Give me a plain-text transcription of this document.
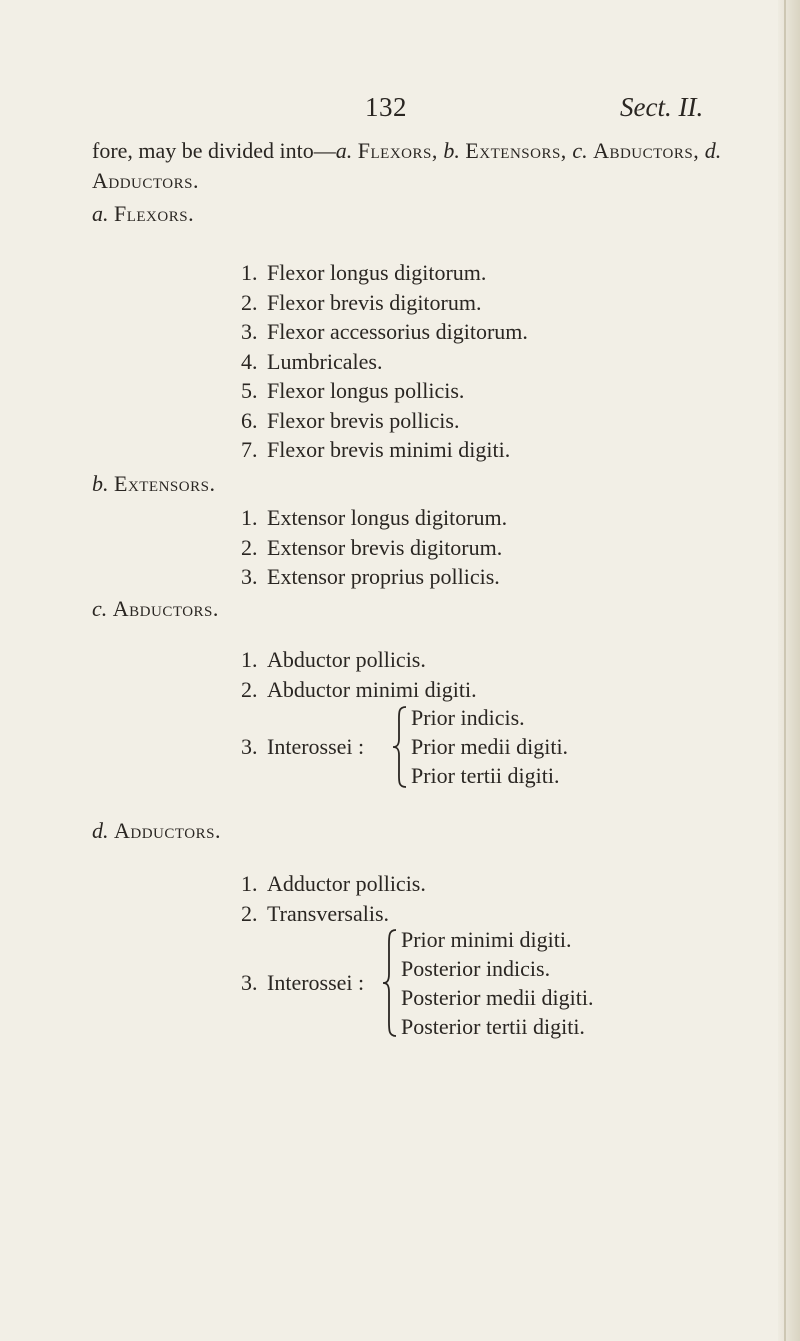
132	Sect. II.
fore, may be divided into—a. Flexors, b. Extensors, c. Abductors, d. Adductors.
a. Flexors.
1. Flexor longus digitorum.
2. Flexor brevis digitorum.
3. Flexor accessorius digitorum.
4. Lumbricales.
5. Flexor longus pollicis.
6. Flexor brevis pollicis.
7. Flexor brevis minimi digiti.
b. Extensors.
1. Extensor longus digitorum.
2. Extensor brevis digitorum.
3. Extensor proprius pollicis.
c. Abductors.
1. Abductor pollicis.
2. Abductor minimi digiti.
3. Interossei :
Prior indicis.
Prior medii digiti.
Prior tertii digiti.
d. Adductors.
1. Adductor pollicis.
2. Transversalis.
3. Interossei :
Prior minimi digiti.
Posterior indicis.
Posterior medii digiti.
Posterior tertii digiti.
